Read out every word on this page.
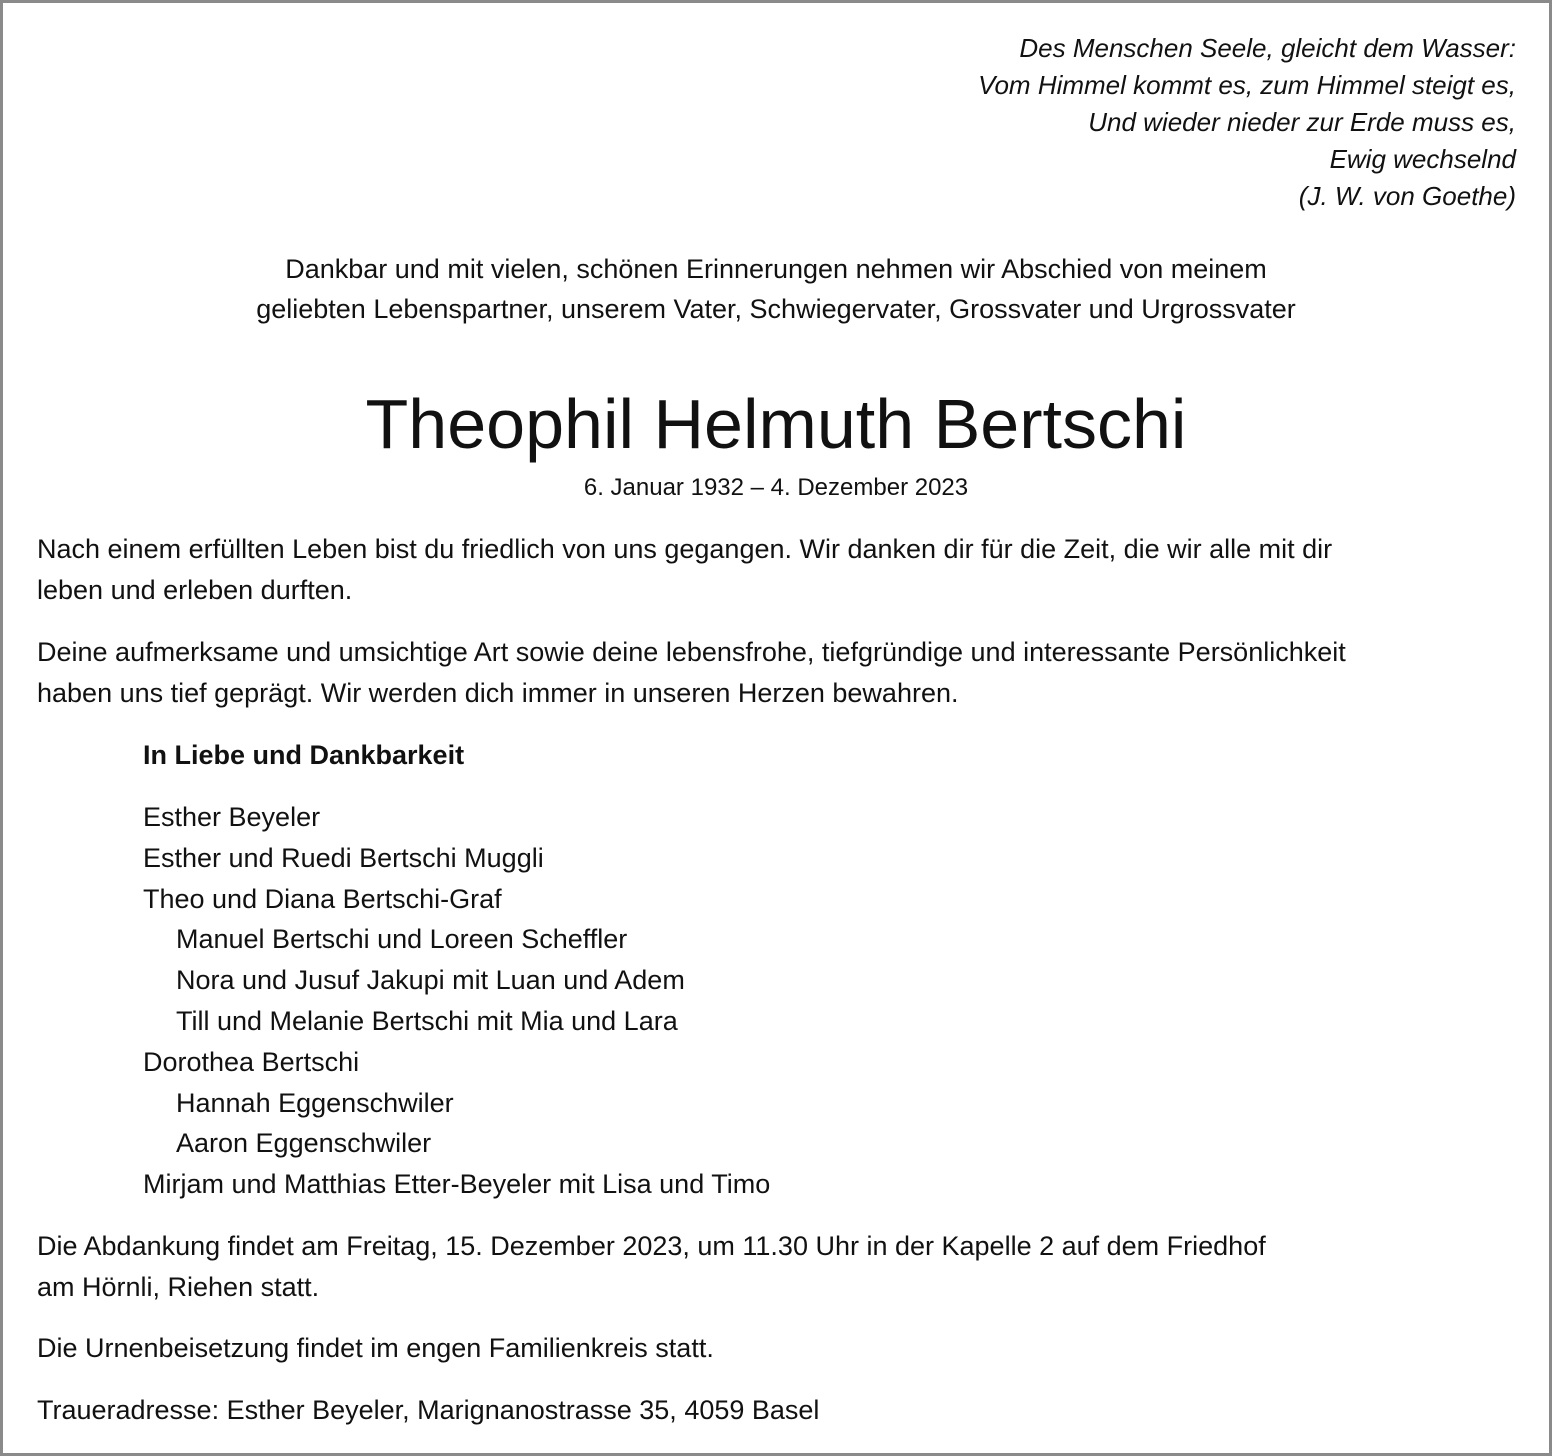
Des Menschen Seele, gleicht dem Wasser:
Vom Himmel kommt es, zum Himmel steigt es,
Und wieder nieder zur Erde muss es,
Ewig wechselnd
(J. W. von Goethe)

Dankbar und mit vielen, schönen Erinnerungen nehmen wir Abschied von meinem
geliebten Lebenspartner, unserem Vater, Schwiegervater, Grossvater und Urgrossvater
Theophil Helmuth Bertschi
6. Januar 1932 – 4. Dezember 2023

Nach einem erfüllten Leben bist du friedlich von uns gegangen. Wir danken dir für die Zeit, die wir alle mit dir
leben und erleben durften.

Deine aufmerksame und umsichtige Art sowie deine lebensfrohe, tiefgründige und interessante Persönlichkeit
haben uns tief geprägt. Wir werden dich immer in unseren Herzen bewahren.

In Liebe und Dankbarkeit
Esther Beyeler
Esther und Ruedi Bertschi Muggli
Theo und Diana Bertschi-Graf
Manuel Bertschi und Loreen Scheffler
Nora und Jusuf Jakupi mit Luan und Adem
Till und Melanie Bertschi mit Mia und Lara
Dorothea Bertschi
Hannah Eggenschwiler
Aaron Eggenschwiler
Mirjam und Matthias Etter-Beyeler mit Lisa und Timo

Die Abdankung findet am Freitag, 15. Dezember 2023, um 11.30 Uhr in der Kapelle 2 auf dem Friedhof
am Hörnli, Riehen statt.

Die Urnenbeisetzung findet im engen Familienkreis statt.

Traueradresse: Esther Beyeler, Marignanostrasse 35, 4059 Basel
